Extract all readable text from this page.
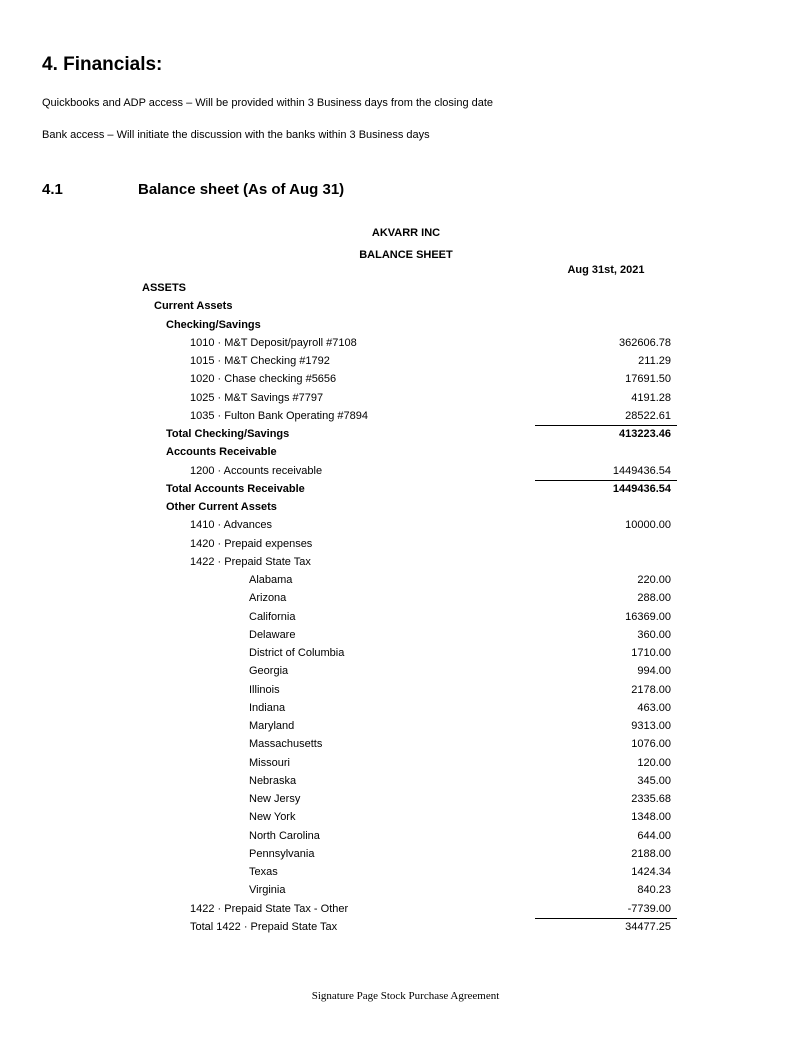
4. Financials:

Quickbooks and ADP access – Will be provided within 3 Business days from the closing date

Bank access – Will initiate the discussion with the banks within 3 Business days

4.1	Balance sheet (As of Aug 31)
AKVARR INC
BALANCE SHEET
Aug 31st, 2021
ASSETS
Current Assets
Checking/Savings
1010 · M&T Deposit/payroll #7108	362606.78
1015 · M&T Checking #1792	211.29
1020 · Chase checking #5656	17691.50
1025 · M&T Savings #7797	4191.28
1035 · Fulton Bank Operating #7894	28522.61
Total Checking/Savings	413223.46
Accounts Receivable
1200 · Accounts receivable	1449436.54
Total Accounts Receivable	1449436.54
Other Current Assets
1410 · Advances	10000.00
1420 · Prepaid expenses
1422 · Prepaid State Tax
Alabama	220.00
Arizona	288.00
California	16369.00
Delaware	360.00
District of Columbia	1710.00
Georgia	994.00
Illinois	2178.00
Indiana	463.00
Maryland	9313.00
Massachusetts	1076.00
Missouri	120.00
Nebraska	345.00
New Jersy	2335.68
New York	1348.00
North Carolina	644.00
Pennsylvania	2188.00
Texas	1424.34
Virginia	840.23
1422 · Prepaid State Tax - Other	-7739.00
Total 1422 · Prepaid State Tax	34477.25
Signature Page Stock Purchase Agreement
